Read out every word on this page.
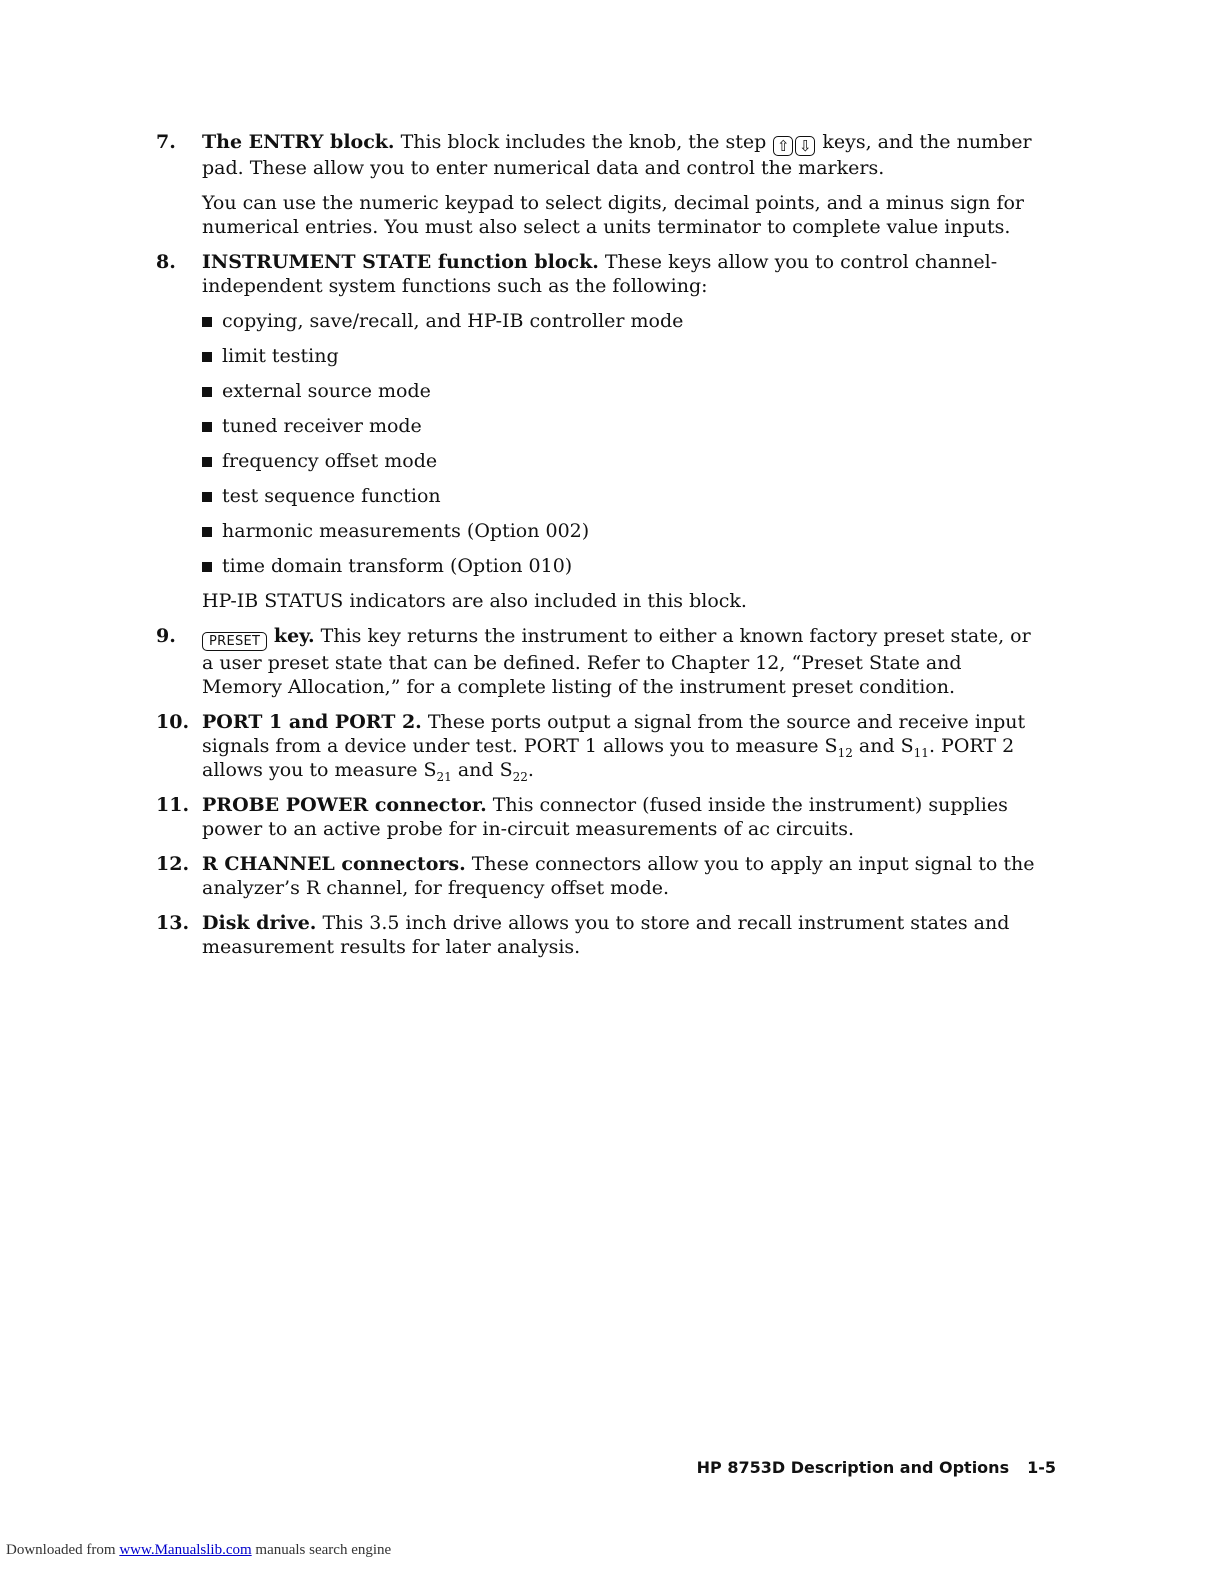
7. The ENTRY block. This block includes the knob, the step ⇧ ⇩ keys, and the number pad. These allow you to enter numerical data and control the markers.

You can use the numeric keypad to select digits, decimal points, and a minus sign for numerical entries. You must also select a units terminator to complete value inputs.

8. INSTRUMENT STATE function block. These keys allow you to control channel-independent system functions such as the following:

copying, save/recall, and HP-IB controller mode
limit testing
external source mode
tuned receiver mode
frequency offset mode
test sequence function
harmonic measurements (Option 002)
time domain transform (Option 010)

HP-IB STATUS indicators are also included in this block.

9.	PRESET key. This key returns the instrument to either a known factory preset state, or a user preset state that can be defined. Refer to Chapter 12, “Preset State and Memory Allocation,” for a complete listing of the instrument preset condition.

10. PORT 1 and PORT 2. These ports output a signal from the source and receive input signals from a device under test. PORT 1 allows you to measure $S_{12}$ and $S_{11}$. PORT 2 allows you to measure $S_{21}$ and $S_{22}$.

11. PROBE POWER connector. This connector (fused inside the instrument) supplies power to an active probe for in-circuit measurements of ac circuits.

12. R CHANNEL connectors. These connectors allow you to apply an input signal to the analyzer’s R channel, for frequency offset mode.

13. Disk drive. This 3.5 inch drive allows you to store and recall instrument states and measurement results for later analysis.

HP 8753D Description and Options 1-5
Downloaded from www.Manualslib.com manuals search engine
